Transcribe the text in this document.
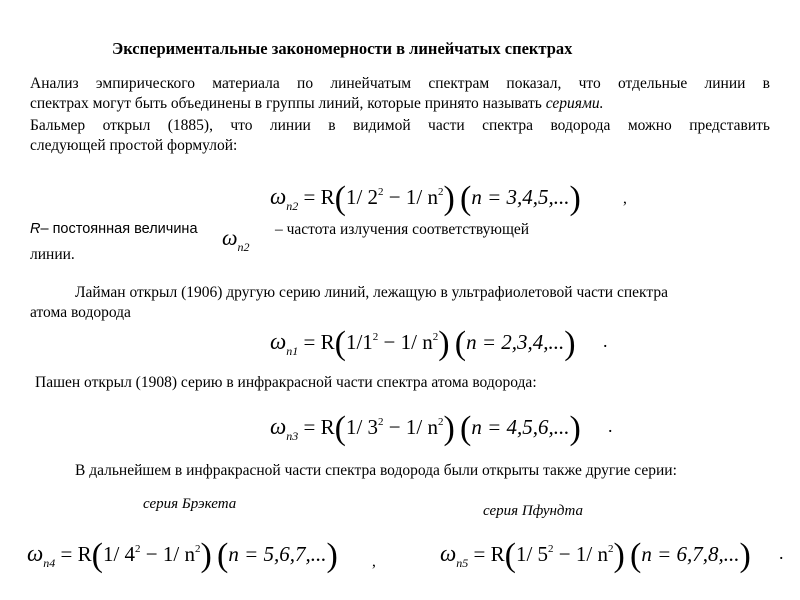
Экспериментальные закономерности в линейчатых спектрах
Анализ эмпирического материала по линейчатым спектрам показал, что отдельные линии в
спектрах могут быть объединены в группы линий, которые принято называть сериями.
Бальмер открыл (1885), что линии в видимой части спектра водорода можно представить
следующей простой формулой:
$\omega_{n2} = R(1/$ $2^2 - 1/$ $n^2$) (n = 3,4,5,...)	,
R– постоянная величина	$\omega_{n2}$
– частота излучения соответствующей
линии.
Лайман открыл (1906) другую серию линий, лежащую в ультрафиолетовой части спектра
атома водорода
$\omega_{n1} = R(1/1^2 - 1/$ $n^2$) (n = 2,3,4,...) .
Пашен открыл (1908) серию в инфракрасной части спектра атома водорода:
$\omega_{n3} = R(1/$ $3^2 - 1/$ $n^2$) (n = 4,5,6,...) .
В дальнейшем в инфракрасной части спектра водорода были открыты также другие серии:
серия Брэкета	серия Пфундта
$\omega_{n4} = R(1/$ $4^2 - 1/$ $n^2$) (n = 5,6,7,...) ,	$\omega_{n5} = R(1/$ $5^2 - 1/$ $n^2$) (n = 6,7,8,...) .
